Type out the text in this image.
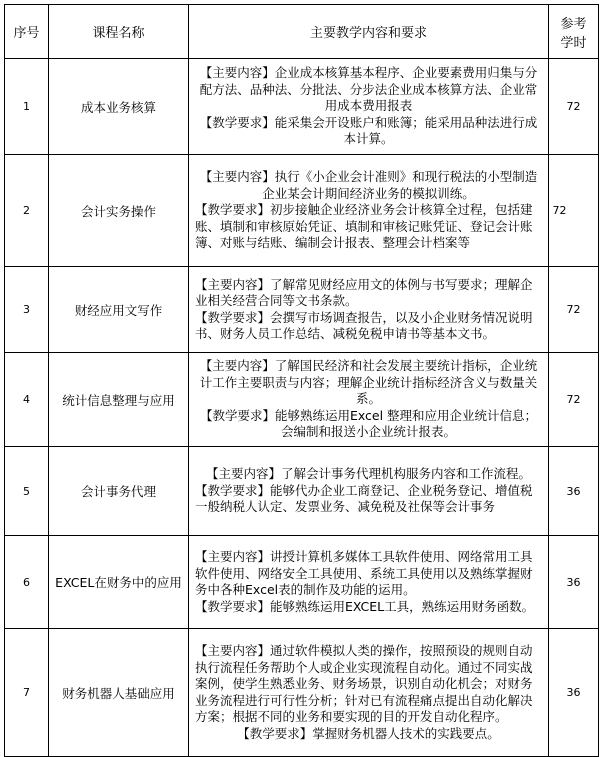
序号	课程名称	主要教学内容和要求	参考
学时

1	成本业务核算	【主要内容】企业成本核算基本程序、企业要素费用归集与分配方法、品种法、分批法、分步法企业成本核算方法、企业常用成本费用报表
【教学要求】能采集会开设账户和账簿；能采用品种法进行成本计算。	72
2	会计实务操作	【主要内容】执行《小企业会计准则》和现行税法的小型制造企业某会计期间经济业务的模拟训练。
【教学要求】初步接触企业经济业务会计核算全过程，包括建账、填制和审核原始凭证、填制和审核记账凭证、登记会计账簿、对账与结账、编制会计报表、整理会计档案等	72
3	财经应用文写作	【主要内容】了解常见财经应用文的体例与书写要求；理解企业相关经营合同等文书条款。
【教学要求】会撰写市场调查报告，以及小企业财务情况说明书、财务人员工作总结、减税免税申请书等基本文书。	72
4	统计信息整理与应用	【主要内容】了解国民经济和社会发展主要统计指标，企业统计工作主要职责与内容；理解企业统计指标经济含义与数量关系。
【教学要求】能够熟练运用Excel 整理和应用企业统计信息；会编制和报送小企业统计报表。	72
5	会计事务代理	【主要内容】了解会计事务代理机构服务内容和工作流程。
【教学要求】能够代办企业工商登记、企业税务登记、增值税一般纳税人认定、发票业务、减免税及社保等会计事务	36
6	EXCEL在财务中的应用	【主要内容】讲授计算机多媒体工具软件使用、网络常用工具软件使用、网络安全工具使用、系统工具使用以及熟练掌握财务中各种Excel表的制作及功能的运用。
【教学要求】能够熟练运用EXCEL工具，熟练运用财务函数。	36
7	财务机器人基础应用	【主要内容】通过软件模拟人类的操作，按照预设的规则自动执行流程任务帮助个人或企业实现流程自动化。通过不同实战案例，使学生熟悉业务、财务场景，识别自动化机会；对财务业务流程进行可行性分析；针对已有流程痛点提出自动化解决方案；根据不同的业务和要实现的目的开发自动化程序。
【教学要求】掌握财务机器人技术的实践要点。	36
